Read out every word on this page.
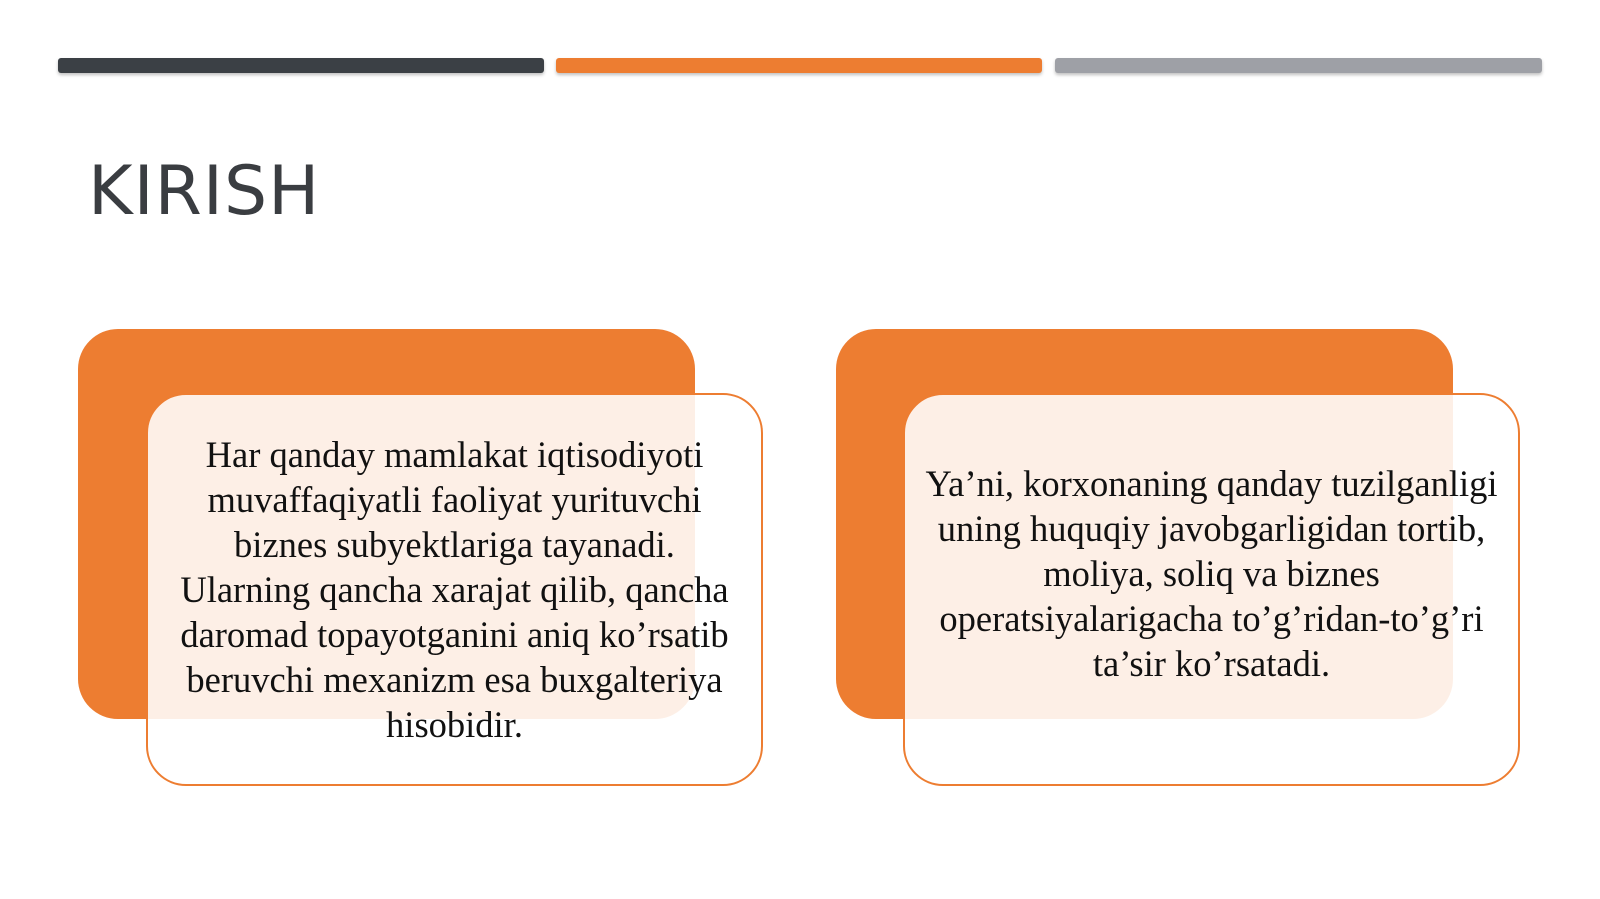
KIRISH

Har qanday mamlakat iqtisodiyoti muvaffaqiyatli faoliyat yurituvchi biznes subyektlariga tayanadi. Ularning qancha xarajat qilib, qancha daromad topayotganini aniq ko’rsatib beruvchi mexanizm esa buxgalteriya hisobidir.

Ya’ni, korxonaning qanday tuzilganligi uning huquqiy javobgarligidan tortib, moliya, soliq va biznes operatsiyalarigacha to’g’ridan-to’g’ri ta’sir ko’rsatadi.
